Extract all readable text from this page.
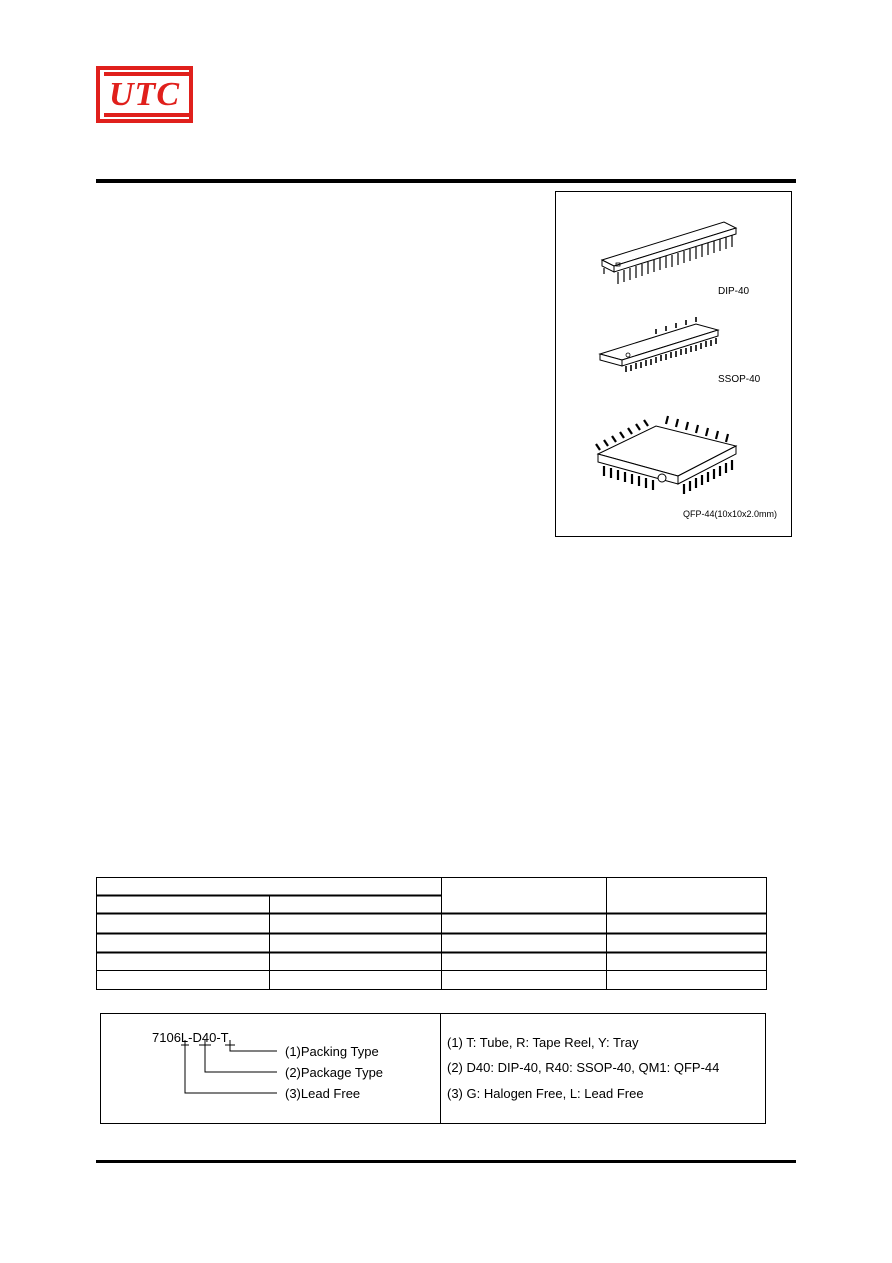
UTC
DIP-40
SSOP-40
QFP-44(10x10x2.0mm)
7106L-D40-T
(1)Packing Type
(2)Package Type
(3)Lead Free
(1) T: Tube, R: Tape Reel, Y: Tray
(2) D40: DIP-40, R40: SSOP-40, QM1: QFP-44
(3) G: Halogen Free, L: Lead Free
